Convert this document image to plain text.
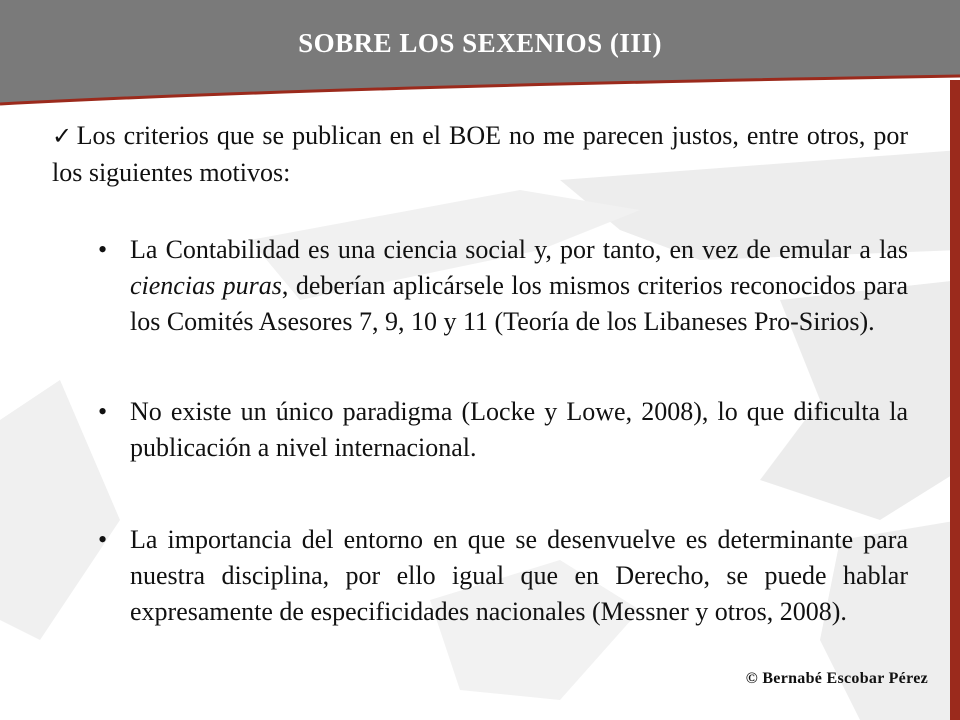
SOBRE LOS SEXENIOS (III)

✓ Los criterios que se publican en el BOE no me parecen justos, entre otros, por los siguientes motivos:

• La Contabilidad es una ciencia social y, por tanto, en vez de emular a las ciencias puras, deberían aplicársele los mismos criterios reconocidos para los Comités Asesores 7, 9, 10 y 11 (Teoría de los Libaneses Pro-Sirios).
• No existe un único paradigma (Locke y Lowe, 2008), lo que dificulta la publicación a nivel internacional.
• La importancia del entorno en que se desenvuelve es determinante para nuestra disciplina, por ello igual que en Derecho, se puede hablar expresamente de especificidades nacionales (Messner y otros, 2008).
© Bernabé Escobar Pérez
